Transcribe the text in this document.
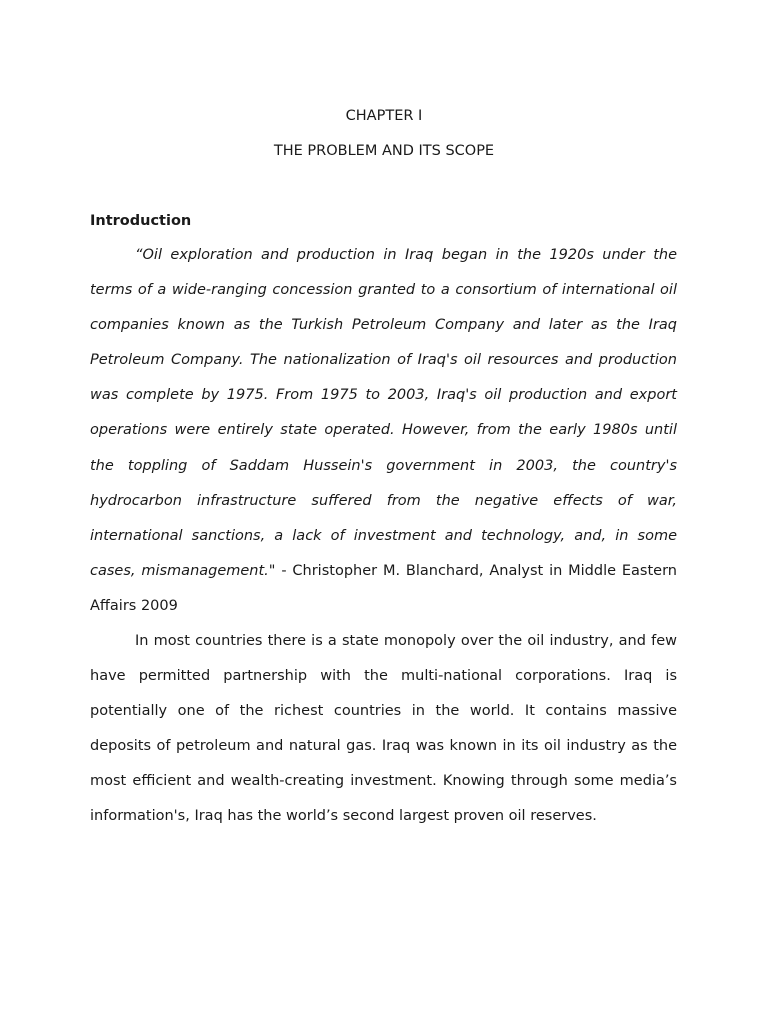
CHAPTER I
THE PROBLEM AND ITS SCOPE
Introduction

“Oil exploration and production in Iraq began in the 1920s under the terms of a wide-ranging concession granted to a consortium of international oil companies known as the Turkish Petroleum Company and later as the Iraq Petroleum Company. The nationalization of Iraq's oil resources and production was complete by 1975. From 1975 to 2003, Iraq's oil production and export operations were entirely state operated. However, from the early 1980s until the toppling of Saddam Hussein's government in 2003, the country's hydrocarbon infrastructure suffered from the negative effects of war, international sanctions, a lack of investment and technology, and, in some cases, mismanagement." - Christopher M. Blanchard, Analyst in Middle Eastern Affairs 2009

In most countries there is a state monopoly over the oil industry, and few have permitted partnership with the multi-national corporations. Iraq is potentially one of the richest countries in the world. It contains massive deposits of petroleum and natural gas. Iraq was known in its oil industry as the most efficient and wealth-creating investment. Knowing through some media’s information's, Iraq has the world’s second largest proven oil reserves.
